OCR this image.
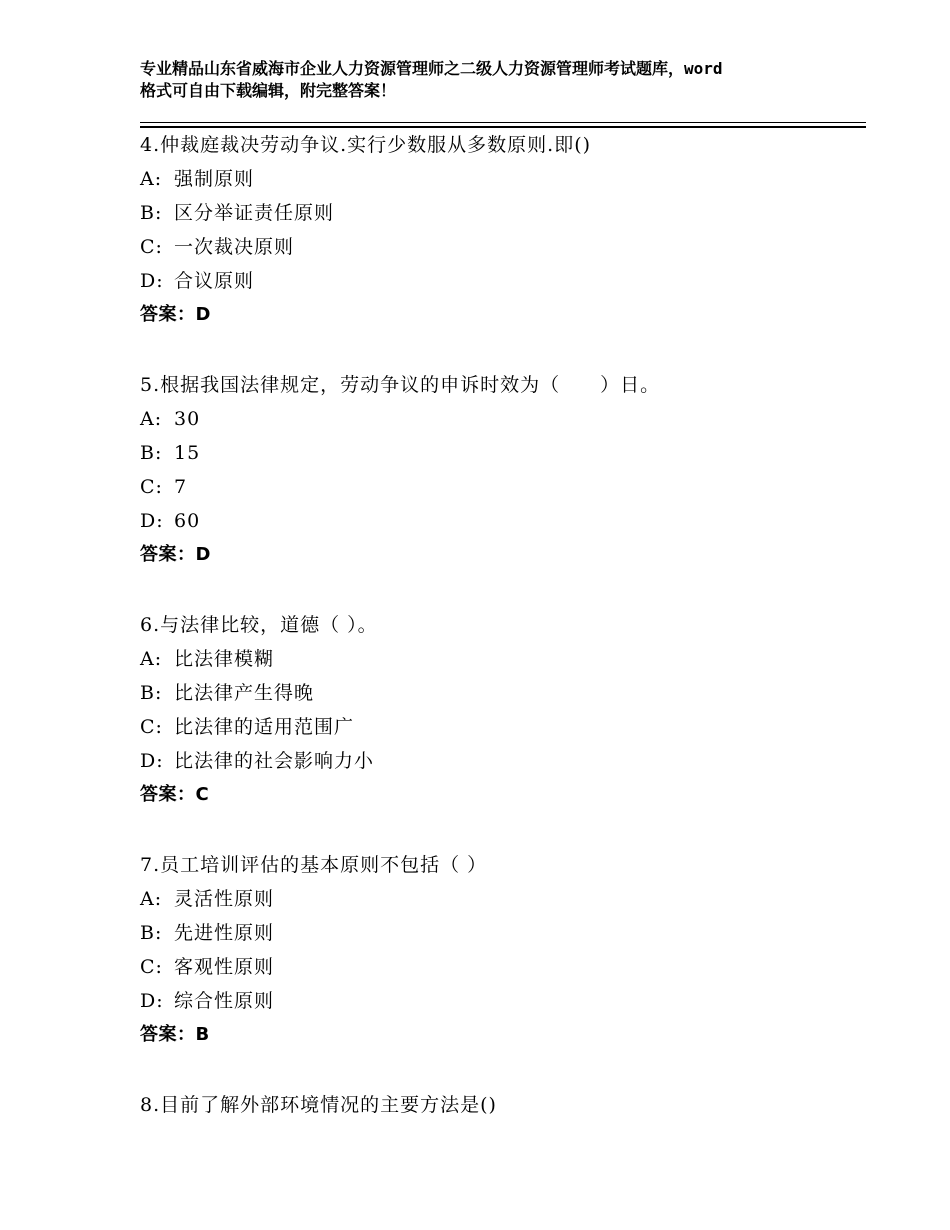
专业精品山东省威海市企业人力资源管理师之二级人力资源管理师考试题库，word
格式可自由下载编辑，附完整答案！
4.仲裁庭裁决劳动争议.实行少数服从多数原则.即()
A: 强制原则
B: 区分举证责任原则
C: 一次裁决原则
D: 合议原则
答案：D
5.根据我国法律规定，劳动争议的申诉时效为（　　）日。
A: 30
B: 15
C: 7
D: 60
答案：D
6.与法律比较，道德（ ）。
A: 比法律模糊
B: 比法律产生得晚
C: 比法律的适用范围广
D: 比法律的社会影响力小
答案：C
7.员工培训评估的基本原则不包括（ ）
A: 灵活性原则
B: 先进性原则
C: 客观性原则
D: 综合性原则
答案：B
8.目前了解外部环境情况的主要方法是()
